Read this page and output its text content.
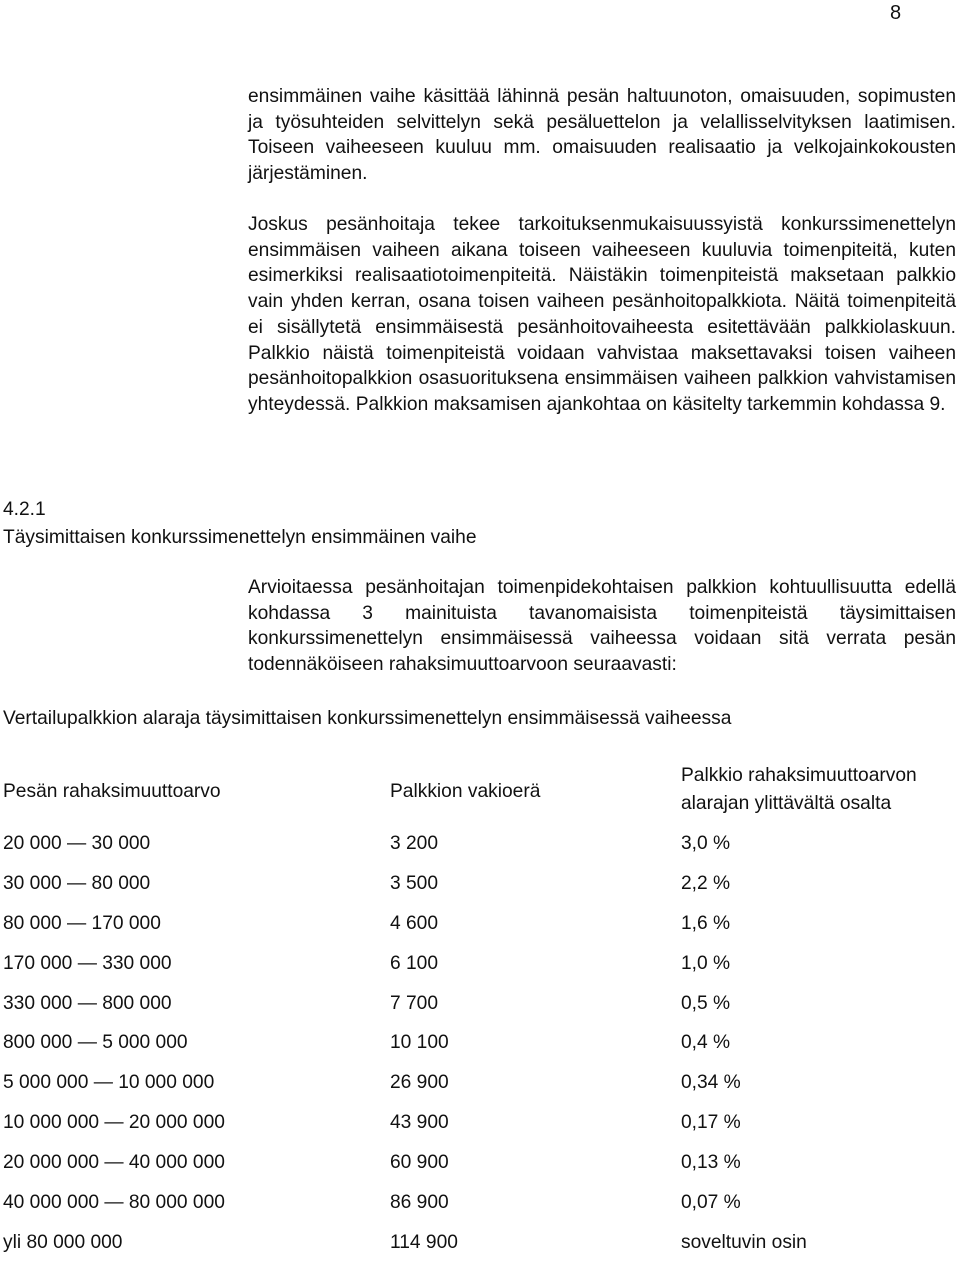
8

ensimmäinen vaihe käsittää lähinnä pesän haltuunoton, omaisuuden, sopimusten ja työsuhteiden selvittelyn sekä pesäluettelon ja velallisselvityksen laatimisen. Toiseen vaiheeseen kuuluu mm. omaisuuden realisaatio ja velkojainkokousten järjestäminen.

Joskus pesänhoitaja tekee tarkoituksenmukaisuussyistä konkurssimenettelyn ensimmäisen vaiheen aikana toiseen vaiheeseen kuuluvia toimenpiteitä, kuten esimerkiksi realisaatiotoimenpiteitä. Näistäkin toimenpiteistä maksetaan palkkio vain yhden kerran, osana toisen vaiheen pesänhoitopalkkiota. Näitä toimenpiteitä ei sisällytetä ensimmäisestä pesänhoitovaiheesta esitettävään palkkiolaskuun. Palkkio näistä toimenpiteistä voidaan vahvistaa maksettavaksi toisen vaiheen pesänhoitopalkkion osasuorituksena ensimmäisen vaiheen palkkion vahvistamisen yhteydessä. Palkkion maksamisen ajankohtaa on käsitelty tarkemmin kohdassa 9.

4.2.1
Täysimittaisen konkurssimenettelyn ensimmäinen vaihe

Arvioitaessa pesänhoitajan toimenpidekohtaisen palkkion kohtuullisuutta edellä kohdassa 3 mainituista tavanomaisista toimenpiteistä täysimittaisen konkurssimenettelyn ensimmäisessä vaiheessa voidaan sitä verrata pesän todennäköiseen rahaksimuuttoarvoon seuraavasti:

Vertailupalkkion alaraja täysimittaisen konkurssimenettelyn ensimmäisessä vaiheessa
Pesän rahaksimuuttoarvo	Palkkion vakioerä
Palkkio rahaksimuuttoarvon
alarajan ylittävältä osalta
20 000 — 30 000	3 200	3,0 %
30 000 — 80 000	3 500	2,2 %
80 000 — 170 000	4 600	1,6 %
170 000 — 330 000	6 100	1,0 %
330 000 — 800 000	7 700	0,5 %
800 000 — 5 000 000	10 100	0,4 %
5 000 000 — 10 000 000	26 900	0,34 %
10 000 000 — 20 000 000	43 900	0,17 %
20 000 000 — 40 000 000	60 900	0,13 %
40 000 000 — 80 000 000	86 900	0,07 %
yli 80 000 000	114 900	soveltuvin osin
